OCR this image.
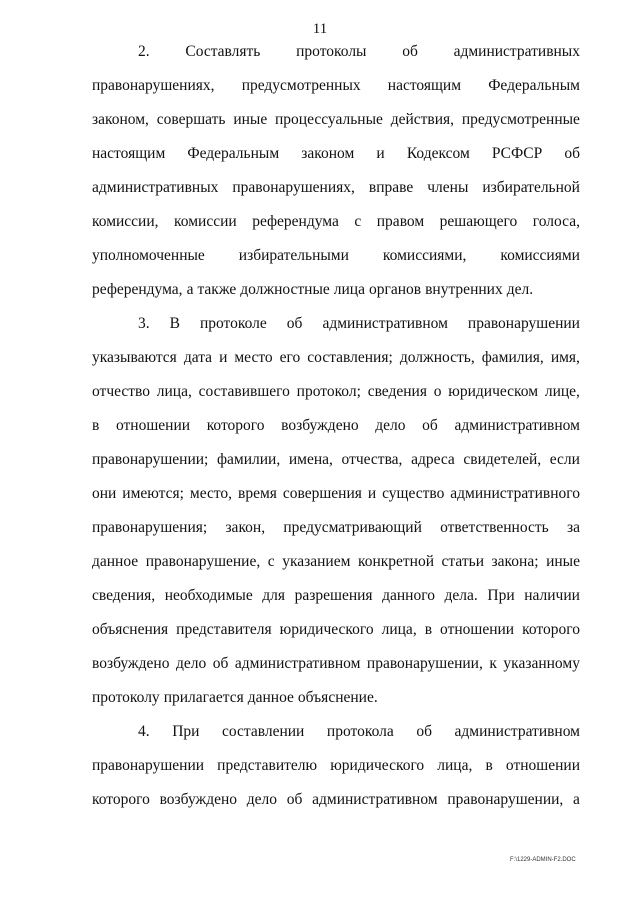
11
2. Составлять протоколы об административных
правонарушениях, предусмотренных настоящим Федеральным
законом, совершать иные процессуальные действия, предусмотренные
настоящим Федеральным законом и Кодексом РСФСР об
административных правонарушениях, вправе члены избирательной
комиссии, комиссии референдума с правом решающего голоса,
уполномоченные избирательными комиссиями, комиссиями
референдума, а также должностные лица органов внутренних дел.
3. В протоколе об административном правонарушении
указываются дата и место его составления; должность, фамилия, имя,
отчество лица, составившего протокол; сведения о юридическом лице,
в отношении которого возбуждено дело об административном
правонарушении; фамилии, имена, отчества, адреса свидетелей, если
они имеются; место, время совершения и существо административного
правонарушения; закон, предусматривающий ответственность за
данное правонарушение, с указанием конкретной статьи закона; иные
сведения, необходимые для разрешения данного дела. При наличии
объяснения представителя юридического лица, в отношении которого
возбуждено дело об административном правонарушении, к указанному
протоколу прилагается данное объяснение.
4. При составлении протокола об административном
правонарушении представителю юридического лица, в отношении
которого возбуждено дело об административном правонарушении, а
F:\1229-ADMIN-F2.DOC
